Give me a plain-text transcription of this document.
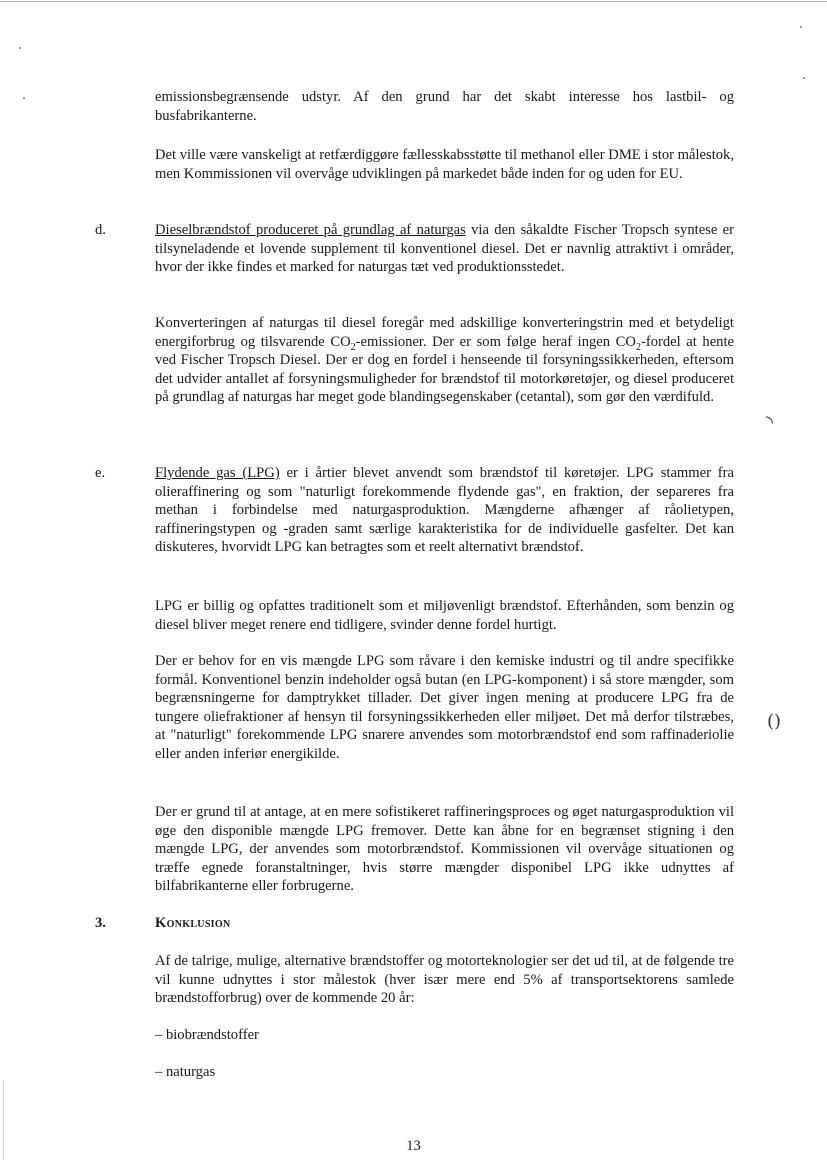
◝
()

emissionsbegrænsende udstyr. Af den grund har det skabt interesse hos lastbil- og busfabrikanterne.

Det ville være vanskeligt at retfærdiggøre fællesskabsstøtte til methanol eller DME i stor målestok, men Kommissionen vil overvåge udviklingen på markedet både inden for og uden for EU.

d.	Dieselbrændstof produceret på grundlag af naturgas via den såkaldte Fischer Tropsch syntese er tilsyneladende et lovende supplement til konventionel diesel. Det er navnlig attraktivt i områder, hvor der ikke findes et marked for naturgas tæt ved produktionsstedet.

Konverteringen af naturgas til diesel foregår med adskillige konverteringstrin med et betydeligt energiforbrug og tilsvarende $CO_2$-emissioner. Der er som følge heraf ingen $CO_2$-fordel at hente ved Fischer Tropsch Diesel. Der er dog en fordel i henseende til forsyningssikkerheden, eftersom det udvider antallet af forsyningsmuligheder for brændstof til motorkøretøjer, og diesel produceret på grundlag af naturgas har meget gode blandingsegenskaber (cetantal), som gør den værdifuld.

e.	Flydende gas (LPG) er i årtier blevet anvendt som brændstof til køretøjer. LPG stammer fra olieraffinering og som "naturligt forekommende flydende gas", en fraktion, der separeres fra methan i forbindelse med naturgasproduktion. Mængderne afhænger af råolietypen, raffineringstypen og -graden samt særlige karakteristika for de individuelle gasfelter. Det kan diskuteres, hvorvidt LPG kan betragtes som et reelt alternativt brændstof.

LPG er billig og opfattes traditionelt som et miljøvenligt brændstof. Efterhånden, som benzin og diesel bliver meget renere end tidligere, svinder denne fordel hurtigt.

Der er behov for en vis mængde LPG som råvare i den kemiske industri og til andre specifikke formål. Konventionel benzin indeholder også butan (en LPG-komponent) i så store mængder, som begrænsningerne for damptrykket tillader. Det giver ingen mening at producere LPG fra de tungere oliefraktioner af hensyn til forsyningssikkerheden eller miljøet. Det må derfor tilstræbes, at "naturligt" forekommende LPG snarere anvendes som motorbrændstof end som raffinaderiolie eller anden inferiør energikilde.

Der er grund til at antage, at en mere sofistikeret raffineringsproces og øget naturgasproduktion vil øge den disponible mængde LPG fremover. Dette kan åbne for en begrænset stigning i den mængde LPG, der anvendes som motorbrændstof. Kommissionen vil overvåge situationen og træffe egnede foranstaltninger, hvis større mængder disponibel LPG ikke udnyttes af bilfabrikanterne eller forbrugerne.

3.	Konklusion

Af de talrige, mulige, alternative brændstoffer og motorteknologier ser det ud til, at de følgende tre vil kunne udnyttes i stor målestok (hver især mere end 5% af transportsektorens samlede brændstofforbrug) over de kommende 20 år:

– biobrændstoffer

– naturgas

13
